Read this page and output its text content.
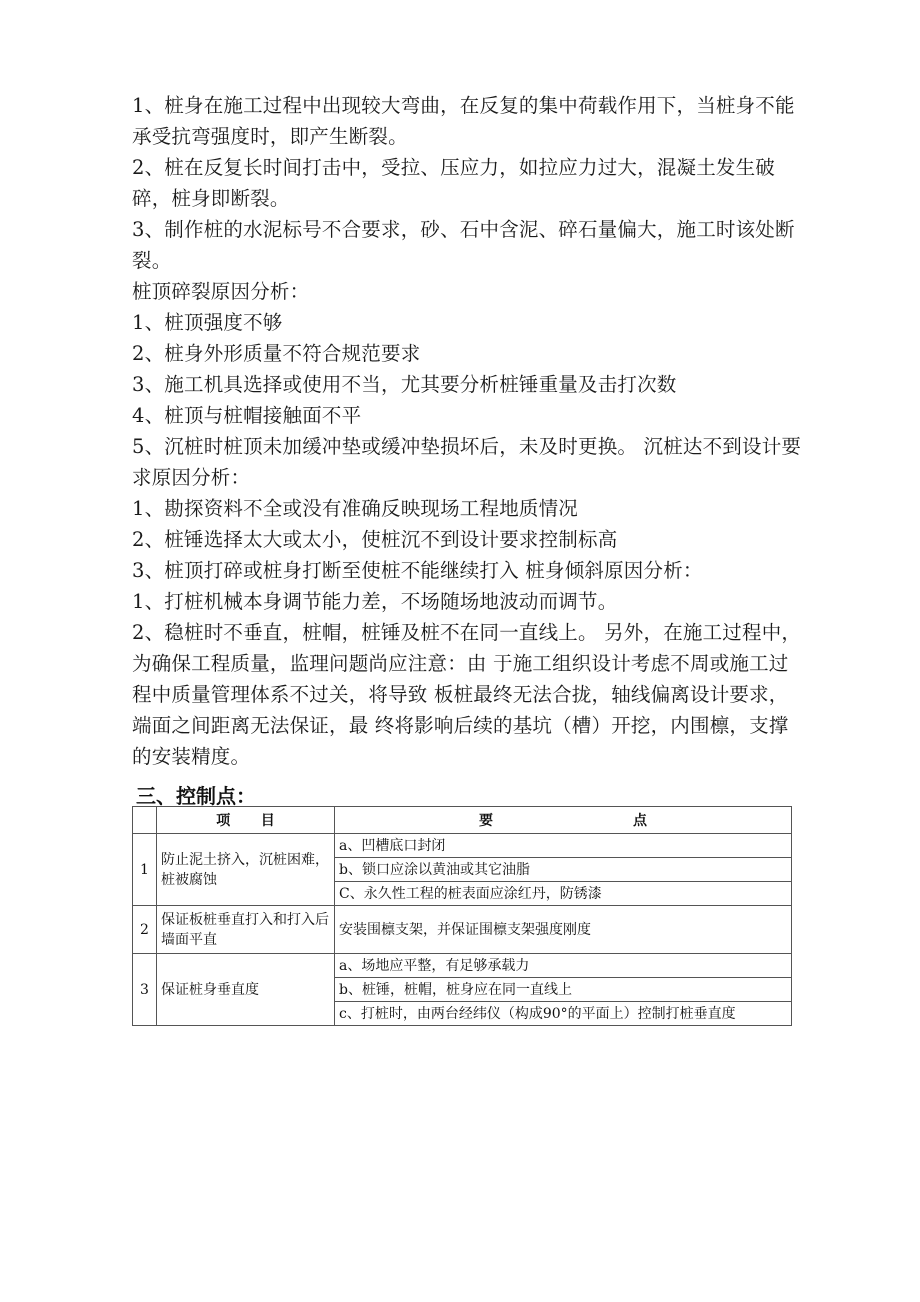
1、桩身在施工过程中出现较大弯曲，在反复的集中荷载作用下，当桩身不能承受抗弯强度时，即产生断裂。

2、桩在反复长时间打击中，受拉、压应力，如拉应力过大，混凝土发生破碎，桩身即断裂。

3、制作桩的水泥标号不合要求，砂、石中含泥、碎石量偏大，施工时该处断裂。

桩顶碎裂原因分析：

1、桩顶强度不够

2、桩身外形质量不符合规范要求

3、施工机具选择或使用不当，尤其要分析桩锤重量及击打次数

4、桩顶与桩帽接触面不平

5、沉桩时桩顶未加缓冲垫或缓冲垫损坏后，未及时更换。 沉桩达不到设计要求原因分析：

1、勘探资料不全或没有准确反映现场工程地质情况

2、桩锤选择太大或太小，使桩沉不到设计要求控制标高

3、桩顶打碎或桩身打断至使桩不能继续打入 桩身倾斜原因分析：

1、打桩机械本身调节能力差，不场随场地波动而调节。

2、稳桩时不垂直，桩帽，桩锤及桩不在同一直线上。 另外，在施工过程中，为确保工程质量，监理问题尚应注意：由 于施工组织设计考虑不周或施工过程中质量管理体系不过关，将导致 板桩最终无法合拢，轴线偏离设计要求，端面之间距离无法保证，最 终将影响后续的基坑（槽）开挖，内围檩，支撑的安装精度。

三、控制点：

	项 目	要 点

1	防止泥土挤入，沉桩困难，桩被腐蚀	a、凹槽底口封闭
		b、锁口应涂以黄油或其它油脂
		C、永久性工程的桩表面应涂红丹，防锈漆
2	保证板桩垂直打入和打入后墙面平直	安装围檩支架，并保证围檩支架强度刚度
3	保证桩身垂直度	a、场地应平整，有足够承载力
		b、桩锤，桩帽，桩身应在同一直线上
		c、打桩时，由两台经纬仪（构成90°的平面上）控制打桩垂直度
